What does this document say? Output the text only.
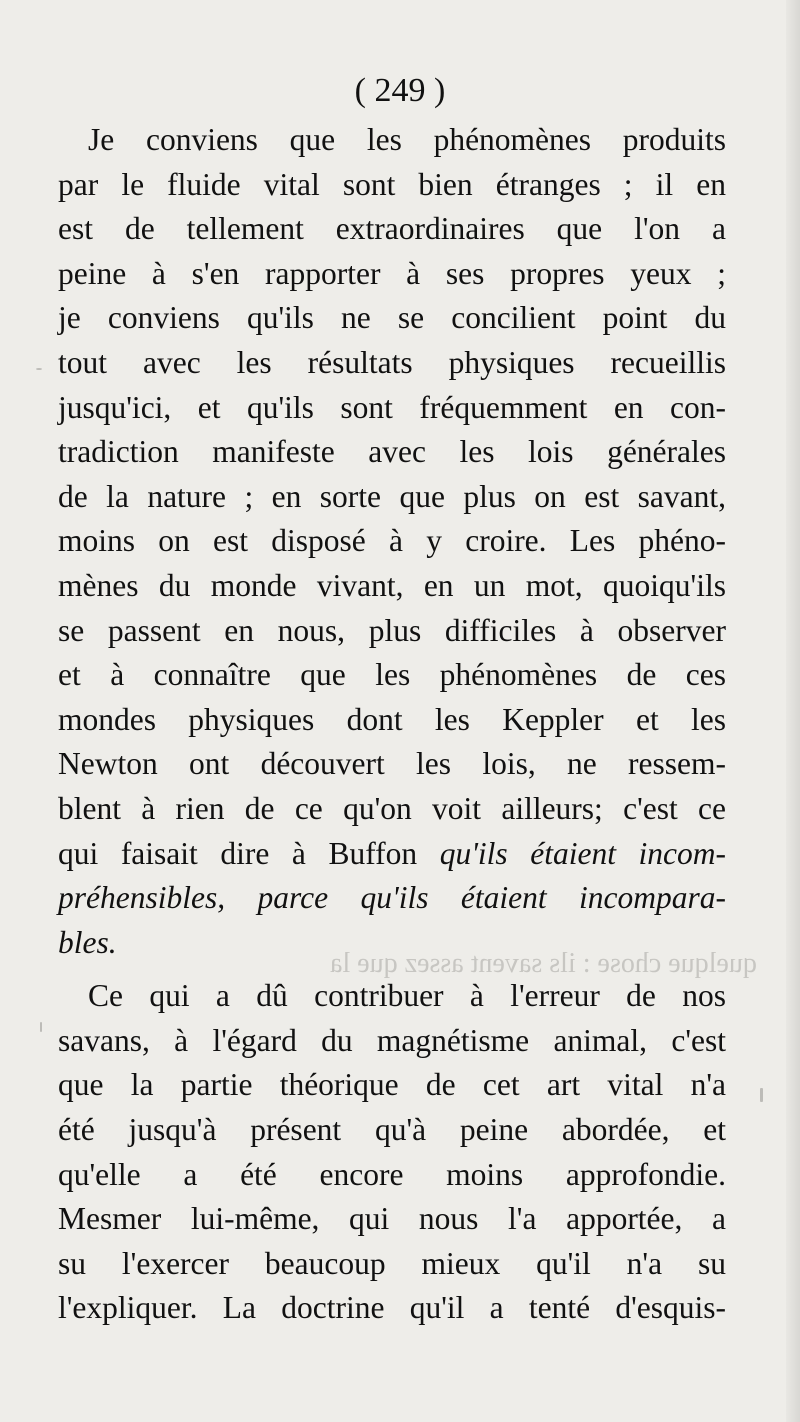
( 249 )
Je conviens que les phénomènes produits
par le fluide vital sont bien étranges ; il en
est de tellement extraordinaires que l'on a
peine à s'en rapporter à ses propres yeux ;
je conviens qu'ils ne se concilient point du
tout avec les résultats physiques recueillis
jusqu'ici, et qu'ils sont fréquemment en con-
tradiction manifeste avec les lois générales
de la nature ; en sorte que plus on est savant,
moins on est disposé à y croire. Les phéno-
mènes du monde vivant, en un mot, quoiqu'ils
se passent en nous, plus difficiles à observer
et à connaître que les phénomènes de ces
mondes physiques dont les Keppler et les
Newton ont découvert les lois, ne ressem-
blent à rien de ce qu'on voit ailleurs; c'est ce
qui faisait dire à Buffon qu'ils étaient incom-
préhensibles, parce qu'ils étaient incompara-
bles.
Ce qui a dû contribuer à l'erreur de nos
savans, à l'égard du magnétisme animal, c'est
que la partie théorique de cet art vital n'a
été jusqu'à présent qu'à peine abordée, et
qu'elle a été encore moins approfondie.
Mesmer lui-même, qui nous l'a apportée, a
su l'exercer beaucoup mieux qu'il n'a su
l'expliquer. La doctrine qu'il a tenté d'esquis-
quelque chose : ils savent assez que la
